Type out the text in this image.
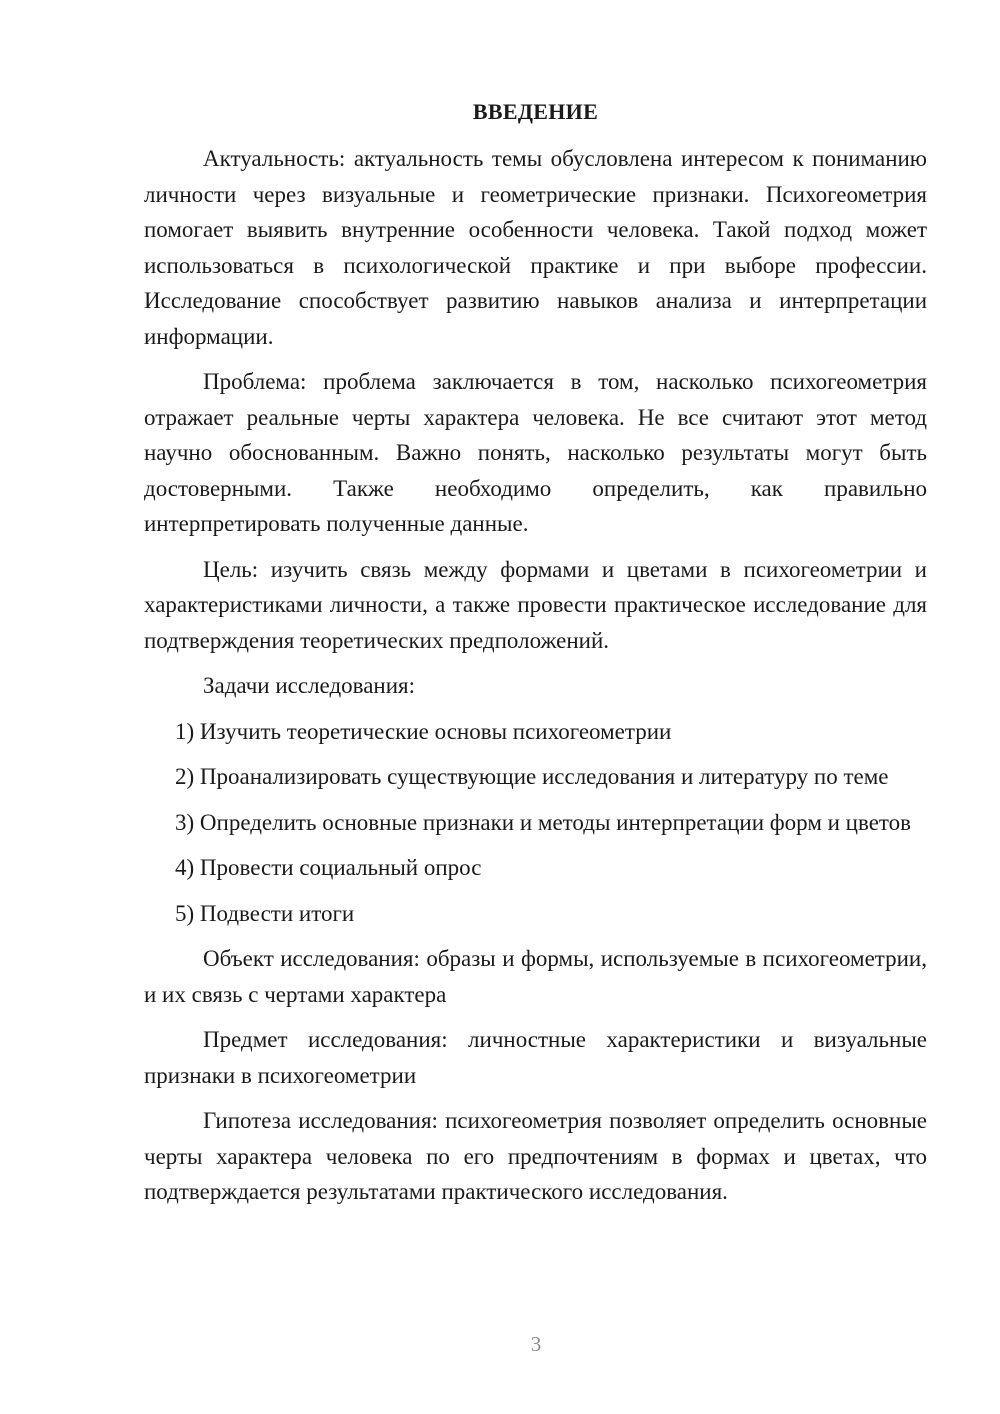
ВВЕДЕНИЕ

Актуальность: актуальность темы обусловлена интересом к пониманию личности через визуальные и геометрические признаки. Психогеометрия помогает выявить внутренние особенности человека. Такой подход может использоваться в психологической практике и при выборе профессии. Исследование способствует развитию навыков анализа и интерпретации информации.

Проблема: проблема заключается в том, насколько психогеометрия отражает реальные черты характера человека. Не все считают этот метод научно обоснованным. Важно понять, насколько результаты могут быть достоверными. Также необходимо определить, как правильно интерпретировать полученные данные.

Цель: изучить связь между формами и цветами в психогеометрии и характеристиками личности, а также провести практическое исследование для подтверждения теоретических предположений.

Задачи исследования:

1) Изучить теоретические основы психогеометрии

2) Проанализировать существующие исследования и литературу по теме

3) Определить основные признаки и методы интерпретации форм и цветов

4) Провести социальный опрос

5) Подвести итоги

Объект исследования: образы и формы, используемые в психогеометрии, и их связь с чертами характера

Предмет исследования: личностные характеристики и визуальные признаки в психогеометрии

Гипотеза исследования: психогеометрия позволяет определить основные черты характера человека по его предпочтениям в формах и цветах, что подтверждается результатами практического исследования.

3
